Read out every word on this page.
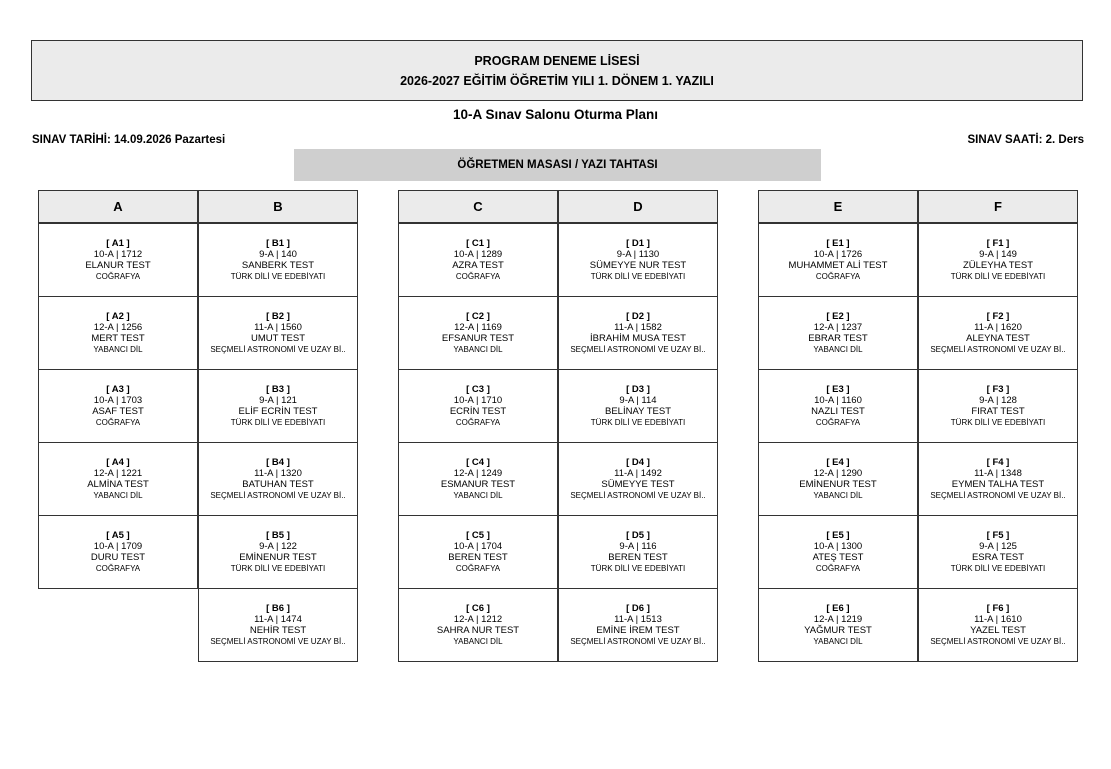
PROGRAM DENEME LİSESİ
2026-2027 EĞİTİM ÖĞRETİM YILI 1. DÖNEM 1. YAZILI
10-A Sınav Salonu Oturma Planı
SINAV TARİHİ: 14.09.2026 Pazartesi	SINAV SAATİ: 2. Ders
ÖĞRETMEN MASASI / YAZI TAHTASI
A
[ A1 ]
10-A | 1712
ELANUR TEST
COĞRAFYA
[ A2 ]
12-A | 1256
MERT TEST
YABANCI DİL
[ A3 ]
10-A | 1703
ASAF TEST
COĞRAFYA
[ A4 ]
12-A | 1221
ALMİNA TEST
YABANCI DİL
[ A5 ]
10-A | 1709
DURU TEST
COĞRAFYA
B
[ B1 ]
9-A | 140
SANBERK TEST
TÜRK DİLİ VE EDEBİYATI
[ B2 ]
11-A | 1560
UMUT TEST
SEÇMELİ ASTRONOMİ VE UZAY Bİ..
[ B3 ]
9-A | 121
ELİF ECRİN TEST
TÜRK DİLİ VE EDEBİYATI
[ B4 ]
11-A | 1320
BATUHAN TEST
SEÇMELİ ASTRONOMİ VE UZAY Bİ..
[ B5 ]
9-A | 122
EMİNENUR TEST
TÜRK DİLİ VE EDEBİYATI
[ B6 ]
11-A | 1474
NEHİR TEST
SEÇMELİ ASTRONOMİ VE UZAY Bİ..
C
[ C1 ]
10-A | 1289
AZRA TEST
COĞRAFYA
[ C2 ]
12-A | 1169
EFSANUR TEST
YABANCI DİL
[ C3 ]
10-A | 1710
ECRİN TEST
COĞRAFYA
[ C4 ]
12-A | 1249
ESMANUR TEST
YABANCI DİL
[ C5 ]
10-A | 1704
BEREN TEST
COĞRAFYA
[ C6 ]
12-A | 1212
SAHRA NUR TEST
YABANCI DİL
D
[ D1 ]
9-A | 1130
SÜMEYYE NUR TEST
TÜRK DİLİ VE EDEBİYATI
[ D2 ]
11-A | 1582
İBRAHİM MUSA TEST
SEÇMELİ ASTRONOMİ VE UZAY Bİ..
[ D3 ]
9-A | 114
BELİNAY TEST
TÜRK DİLİ VE EDEBİYATI
[ D4 ]
11-A | 1492
SÜMEYYE TEST
SEÇMELİ ASTRONOMİ VE UZAY Bİ..
[ D5 ]
9-A | 116
BEREN TEST
TÜRK DİLİ VE EDEBİYATI
[ D6 ]
11-A | 1513
EMİNE İREM TEST
SEÇMELİ ASTRONOMİ VE UZAY Bİ..
E
[ E1 ]
10-A | 1726
MUHAMMET ALİ TEST
COĞRAFYA
[ E2 ]
12-A | 1237
EBRAR TEST
YABANCI DİL
[ E3 ]
10-A | 1160
NAZLI TEST
COĞRAFYA
[ E4 ]
12-A | 1290
EMİNENUR TEST
YABANCI DİL
[ E5 ]
10-A | 1300
ATEŞ TEST
COĞRAFYA
[ E6 ]
12-A | 1219
YAĞMUR TEST
YABANCI DİL
F
[ F1 ]
9-A | 149
ZÜLEYHA TEST
TÜRK DİLİ VE EDEBİYATI
[ F2 ]
11-A | 1620
ALEYNA TEST
SEÇMELİ ASTRONOMİ VE UZAY Bİ..
[ F3 ]
9-A | 128
FIRAT TEST
TÜRK DİLİ VE EDEBİYATI
[ F4 ]
11-A | 1348
EYMEN TALHA TEST
SEÇMELİ ASTRONOMİ VE UZAY Bİ..
[ F5 ]
9-A | 125
ESRA TEST
TÜRK DİLİ VE EDEBİYATI
[ F6 ]
11-A | 1610
YAZEL TEST
SEÇMELİ ASTRONOMİ VE UZAY Bİ..
